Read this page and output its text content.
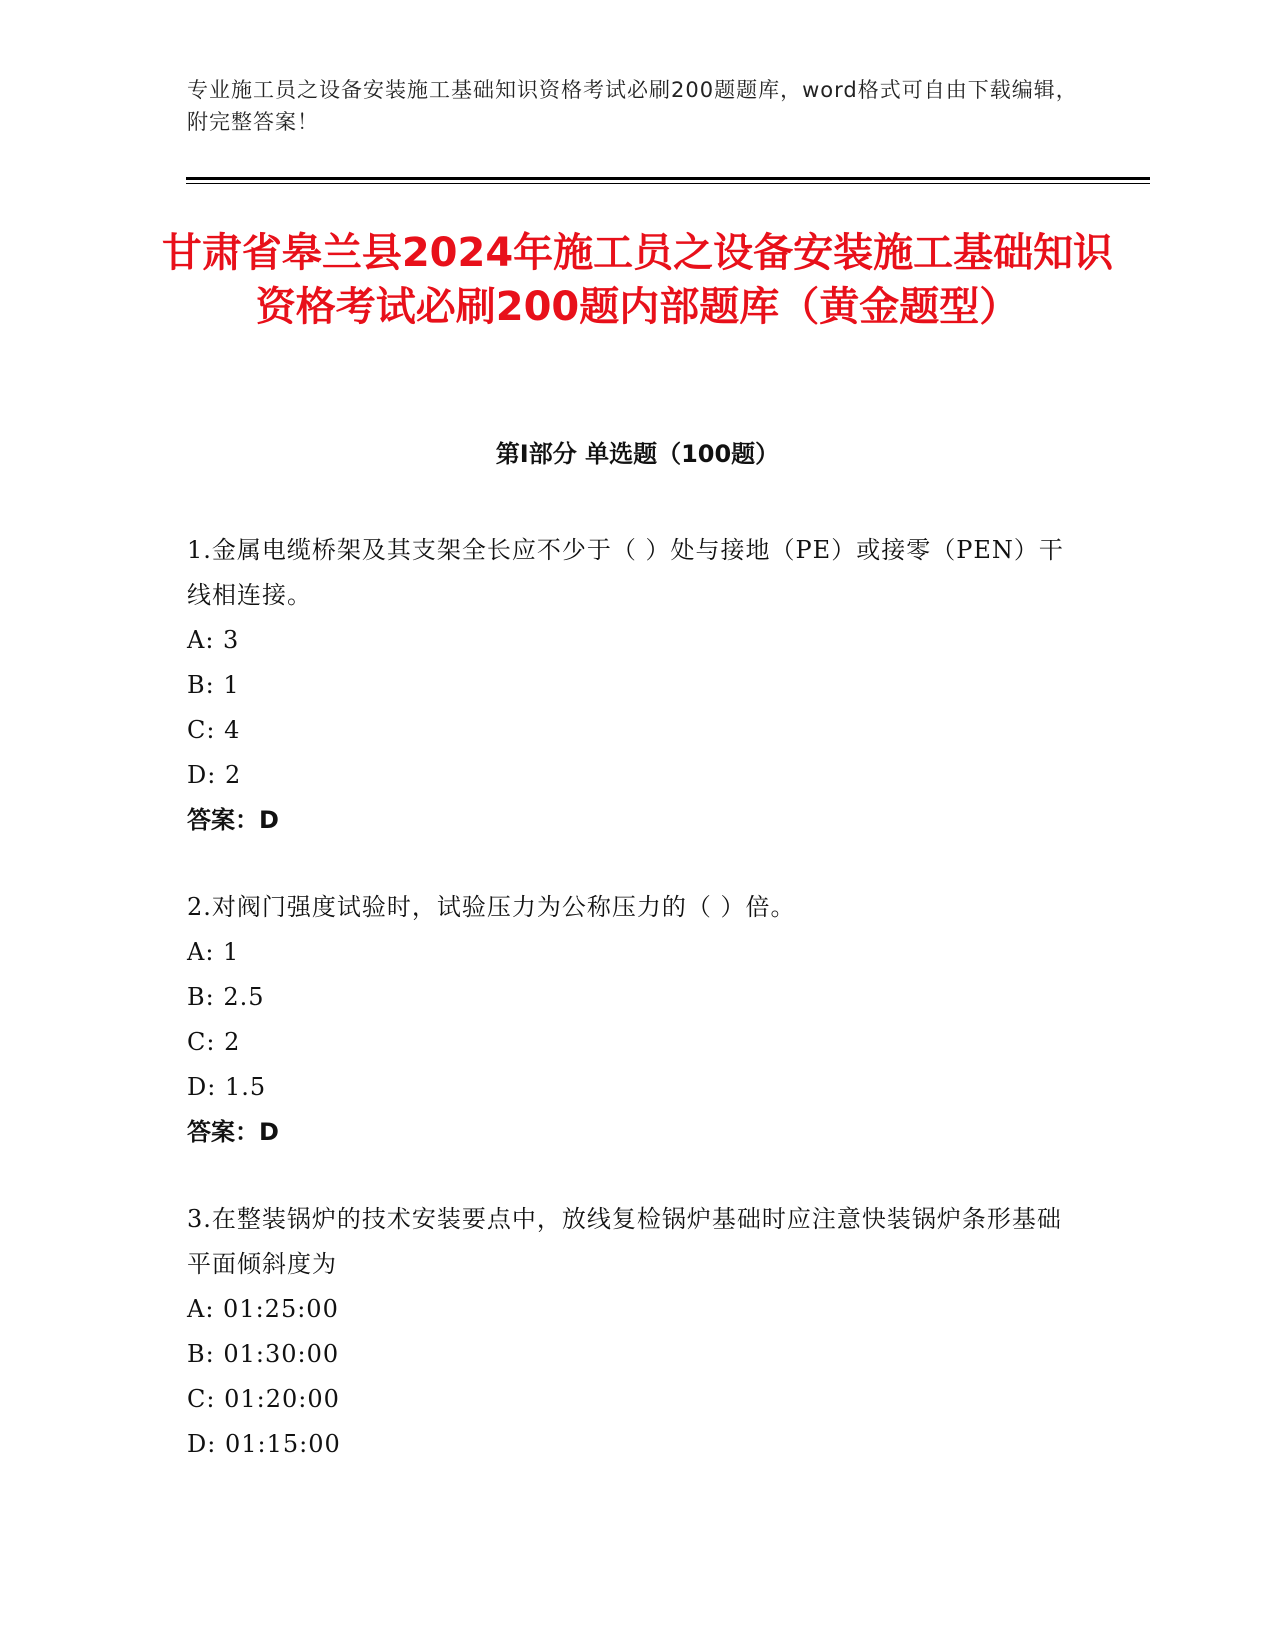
专业施工员之设备安装施工基础知识资格考试必刷200题题库，word格式可自由下载编辑，附完整答案！
甘肃省皋兰县2024年施工员之设备安装施工基础知识资格考试必刷200题内部题库（黄金题型）
第I部分 单选题（100题）

1.金属电缆桥架及其支架全长应不少于（ ）处与接地（PE）或接零（PEN）干线相连接。

A: 3

B: 1

C: 4

D: 2

答案：D

2.对阀门强度试验时，试验压力为公称压力的（ ）倍。

A: 1

B: 2.5

C: 2

D: 1.5

答案：D

3.在整装锅炉的技术安装要点中，放线复检锅炉基础时应注意快装锅炉条形基础平面倾斜度为

A: 01:25:00

B: 01:30:00

C: 01:20:00

D: 01:15:00
